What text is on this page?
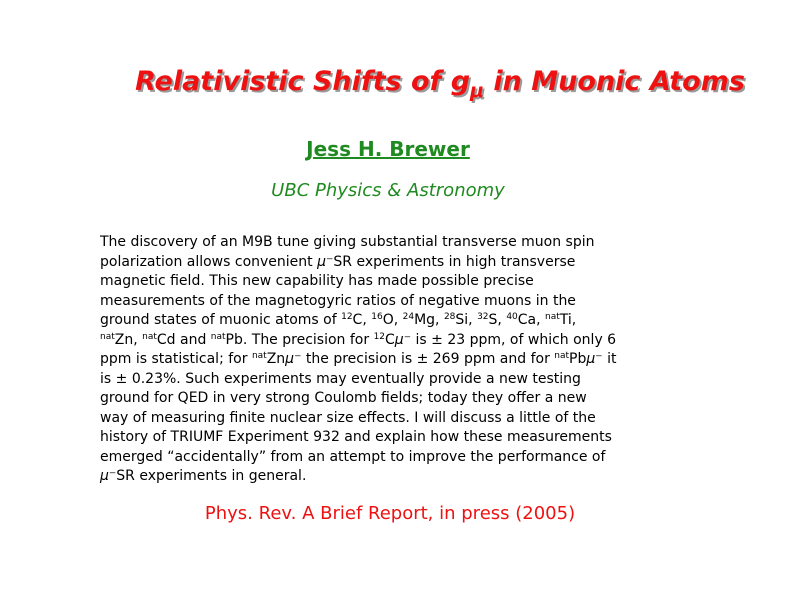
Relativistic Shifts of $g_\mu$ in Muonic Atoms
Jess H. Brewer
UBC Physics & Astronomy
The discovery of an M9B tune giving substantial transverse muon spin
polarization allows convenient μ⁻SR experiments in high transverse
magnetic field. This new capability has made possible precise
measurements of the magnetogyric ratios of negative muons in the
ground states of muonic atoms of $^{12}$C, $^{16}$O, $^{24}$Mg, $^{28}$Si, $^{32}$S, $^{40}$Ca, $^{nat}$Ti,
$^{nat}$Zn, $^{nat}$Cd and $^{nat}$Pb. The precision for $^{12}$Cμ⁻ is ± 23 ppm, of which only 6
ppm is statistical; for $^{nat}$Znμ⁻ the precision is ± 269 ppm and for $^{nat}$Pbμ⁻ it
is ± 0.23%. Such experiments may eventually provide a new testing
ground for QED in very strong Coulomb fields; today they offer a new
way of measuring finite nuclear size effects. I will discuss a little of the
history of TRIUMF Experiment 932 and explain how these measurements
emerged “accidentally” from an attempt to improve the performance of
μ⁻SR experiments in general.
Phys. Rev. A Brief Report, in press (2005)
